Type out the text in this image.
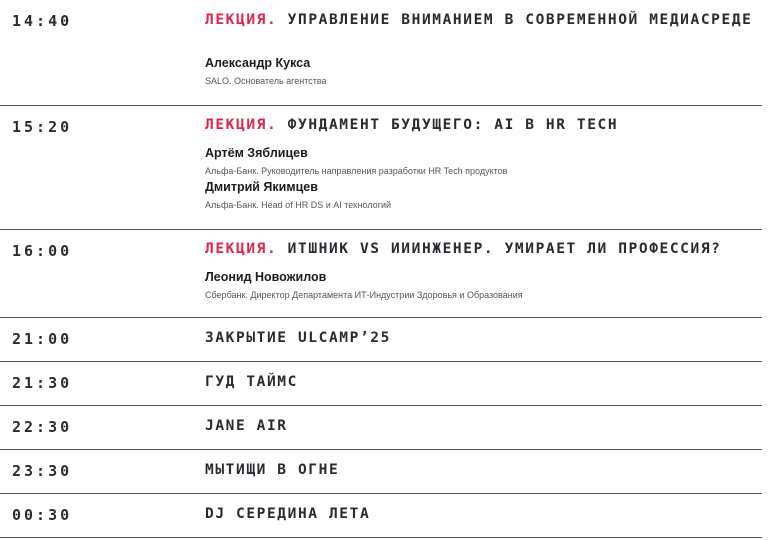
14:40	ЛЕКЦИЯ. УПРАВЛЕНИЕ ВНИМАНИЕМ В СОВРЕМЕННОЙ МЕДИАСРЕДЕ
Александр Кукса
SALO. Основатель агентства
15:20	ЛЕКЦИЯ. ФУНДАМЕНТ БУДУЩЕГО: AI В HR TECH
Артём Зяблицев
Альфа-Банк. Руководитель направления разработки HR Tech продуктов
Дмитрий Якимцев
Альфа-Банк. Head of HR DS и AI технологий
16:00	ЛЕКЦИЯ. ИТШНИК VS ИИИНЖЕНЕР. УМИРАЕТ ЛИ ПРОФЕССИЯ?
Леонид Новожилов
Сбербанк. Директор Департамента ИТ-Индустрии Здоровья и Образования
21:00	ЗАКРЫТИЕ ULCAMP’25
21:30	ГУД ТАЙМС
22:30	JANE AIR
23:30	МЫТИЩИ В ОГНЕ
00:30	DJ СЕРЕДИНА ЛЕТА
